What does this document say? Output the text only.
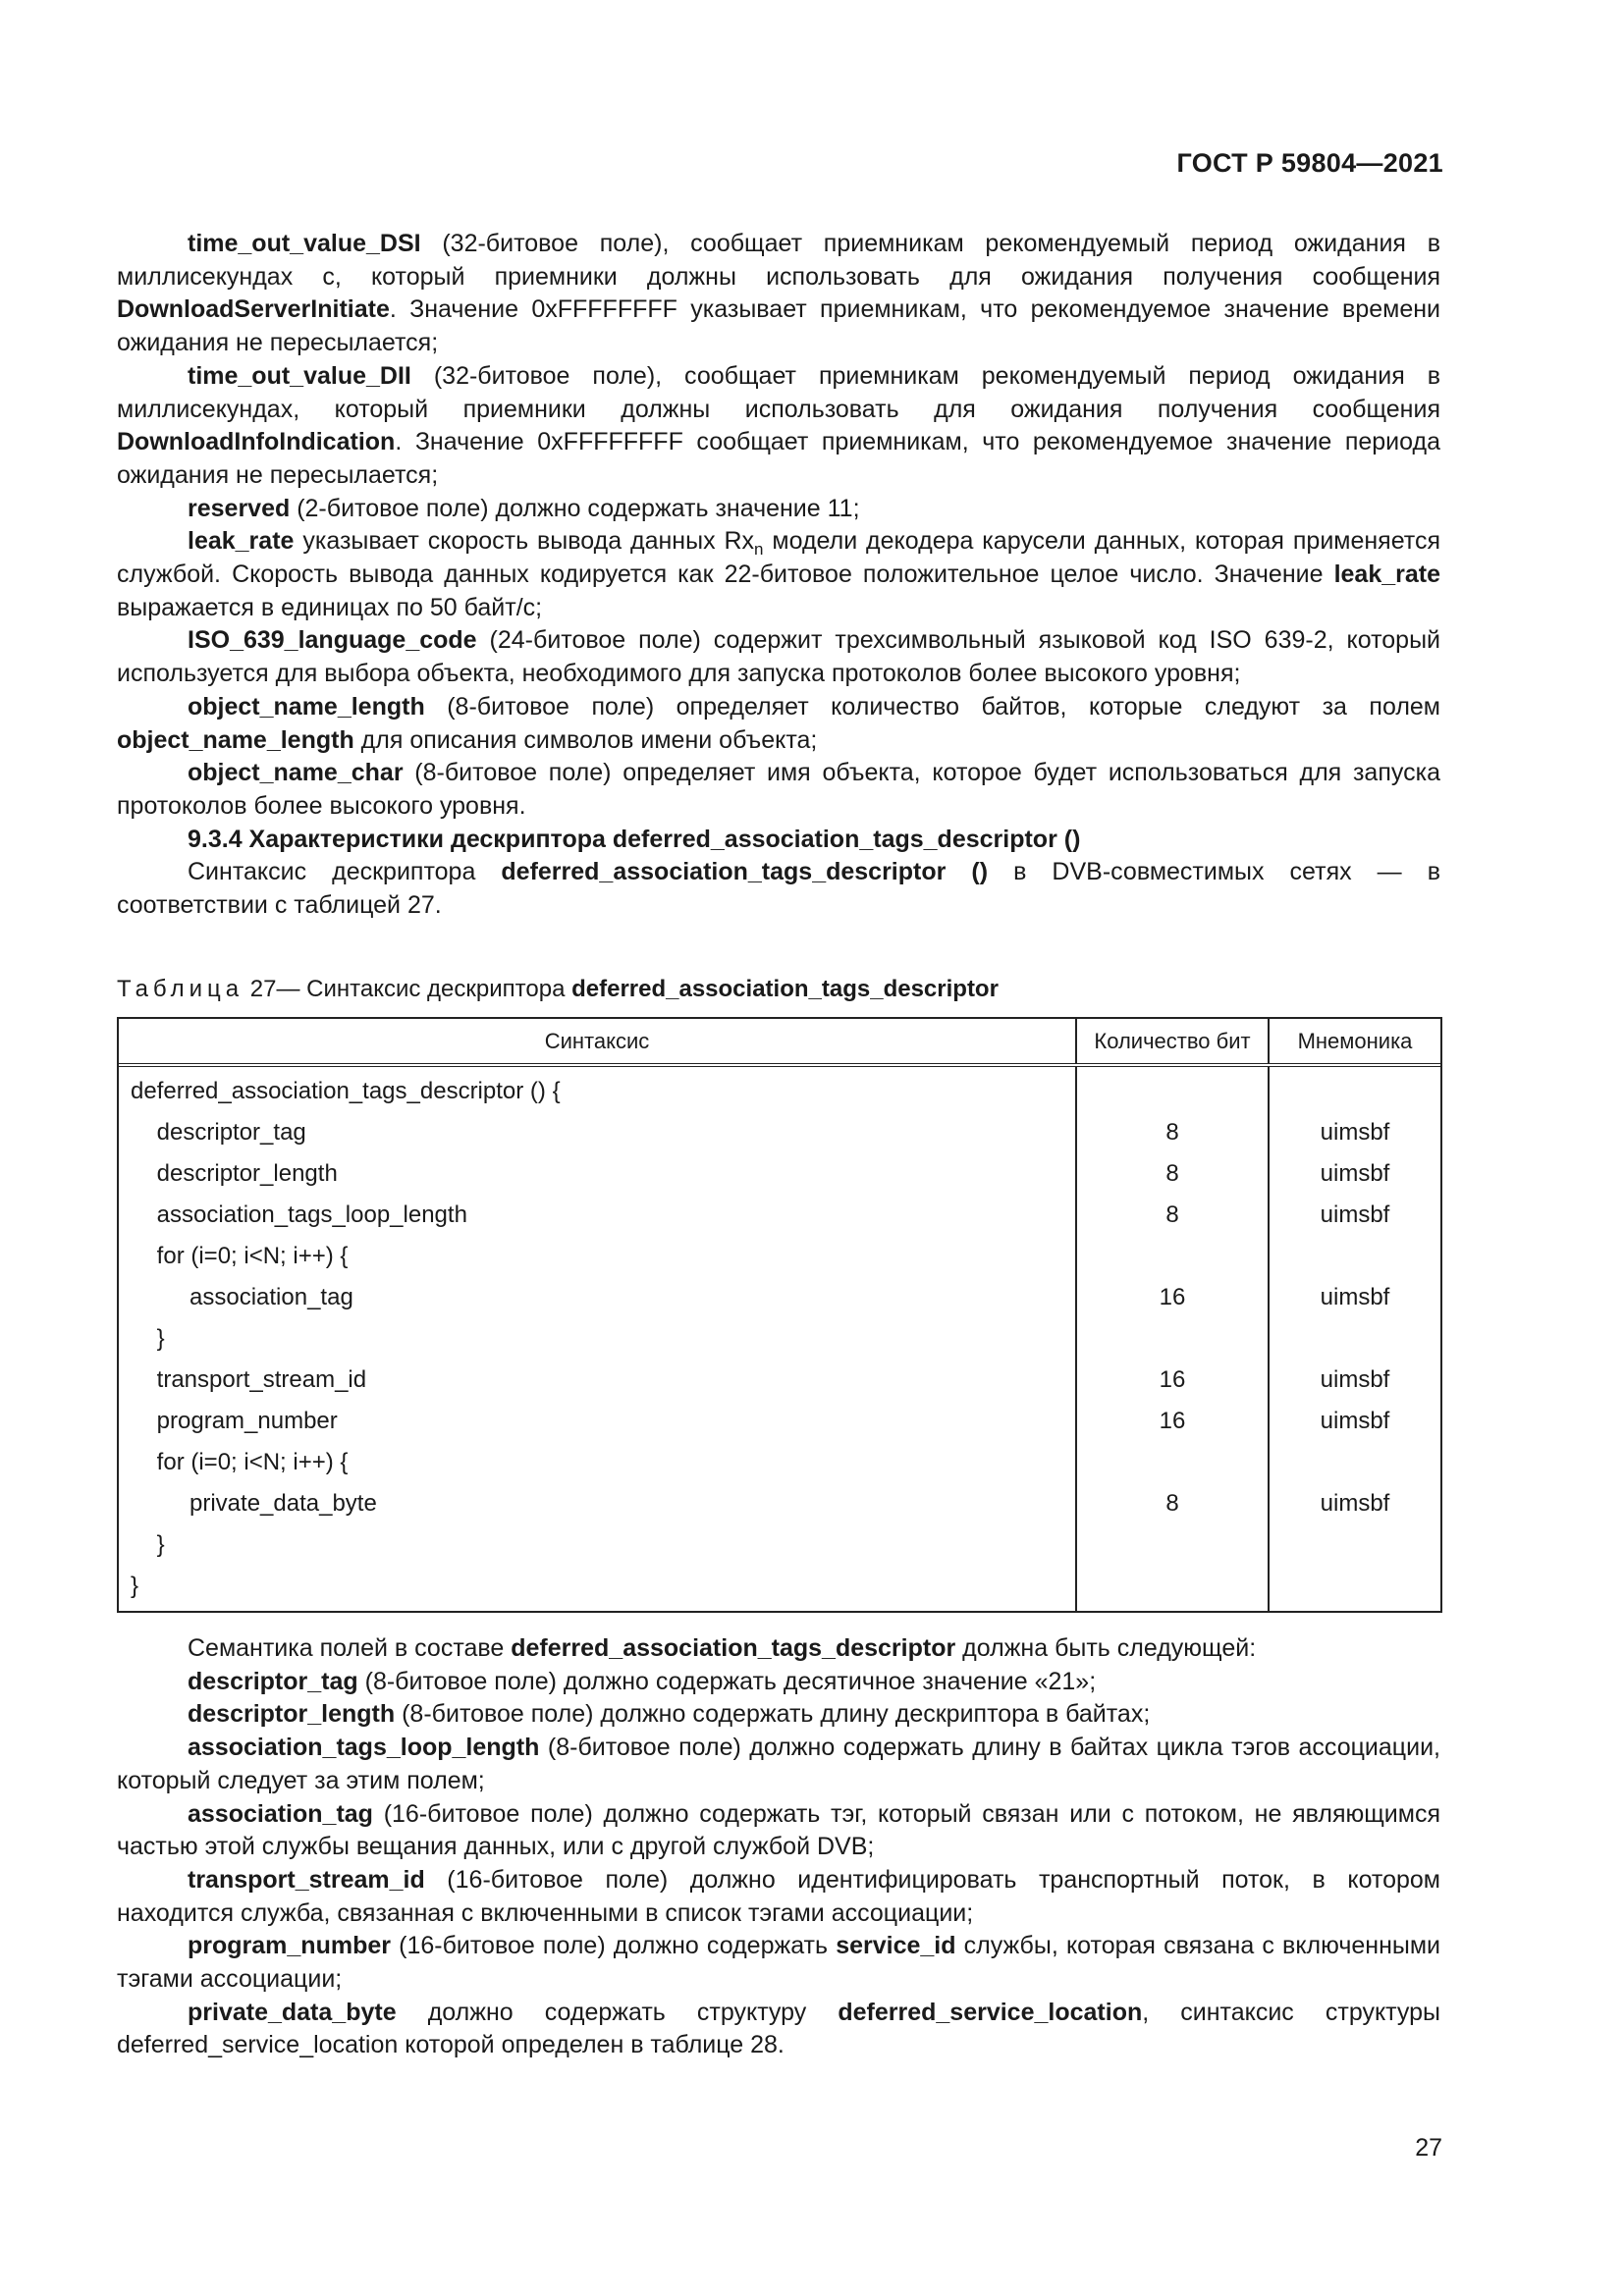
ГОСТ Р 59804—2021

time_out_value_DSI (32-битовое поле), сообщает приемникам рекомендуемый период ожидания в миллисекундах с, который приемники должны использовать для ожидания получения сообщения DownloadServerInitiate. Значение 0xFFFFFFFF указывает приемникам, что рекомендуемое значение времени ожидания не пересылается;

time_out_value_DII (32-битовое поле), сообщает приемникам рекомендуемый период ожидания в миллисекундах, который приемники должны использовать для ожидания получения сообщения DownloadInfoIndication. Значение 0xFFFFFFFF сообщает приемникам, что рекомендуемое значение периода ожидания не пересылается;

reserved (2-битовое поле) должно содержать значение 11;

leak_rate указывает скорость вывода данных $Rx_n$ модели декодера карусели данных, которая применяется службой. Скорость вывода данных кодируется как 22-битовое положительное целое число. Значение leak_rate выражается в единицах по 50 байт/с;

ISO_639_language_code (24-битовое поле) содержит трехсимвольный языковой код ISO 639-2, который используется для выбора объекта, необходимого для запуска протоколов более высокого уровня;

object_name_length (8-битовое поле) определяет количество байтов, которые следуют за полем object_name_length для описания символов имени объекта;

object_name_char (8-битовое поле) определяет имя объекта, которое будет использоваться для запуска протоколов более высокого уровня.

9.3.4 Характеристики дескриптора deferred_association_tags_descriptor ()

Синтаксис дескриптора deferred_association_tags_descriptor () в DVB-совместимых сетях — в соответствии с таблицей 27.

Таблица 27— Синтаксис дескриптора deferred_association_tags_descriptor
Синтаксис	Количество бит	Мнемоника
deferred_association_tags_descriptor () {
descriptor_tag
descriptor_length
association_tags_loop_length
for (i=0; i<N; i++) {
association_tag
}
transport_stream_id
program_number
for (i=0; i<N; i++) {
private_data_byte
}
}
8
8
8
16
16
16
8
uimsbf
uimsbf
uimsbf
uimsbf
uimsbf
uimsbf
uimsbf

Семантика полей в составе deferred_association_tags_descriptor должна быть следующей:

descriptor_tag (8-битовое поле) должно содержать десятичное значение «21»;

descriptor_length (8-битовое поле) должно содержать длину дескриптора в байтах;

association_tags_loop_length (8-битовое поле) должно содержать длину в байтах цикла тэгов ассоциации, который следует за этим полем;

association_tag (16-битовое поле) должно содержать тэг, который связан или с потоком, не являющимся частью этой службы вещания данных, или с другой службой DVB;

transport_stream_id (16-битовое поле) должно идентифицировать транспортный поток, в котором находится служба, связанная с включенными в список тэгами ассоциации;

program_number (16-битовое поле) должно содержать service_id службы, которая связана с включенными тэгами ассоциации;

private_data_byte должно содержать структуру deferred_service_location, синтаксис структуры deferred_service_location которой определен в таблице 28.

27
